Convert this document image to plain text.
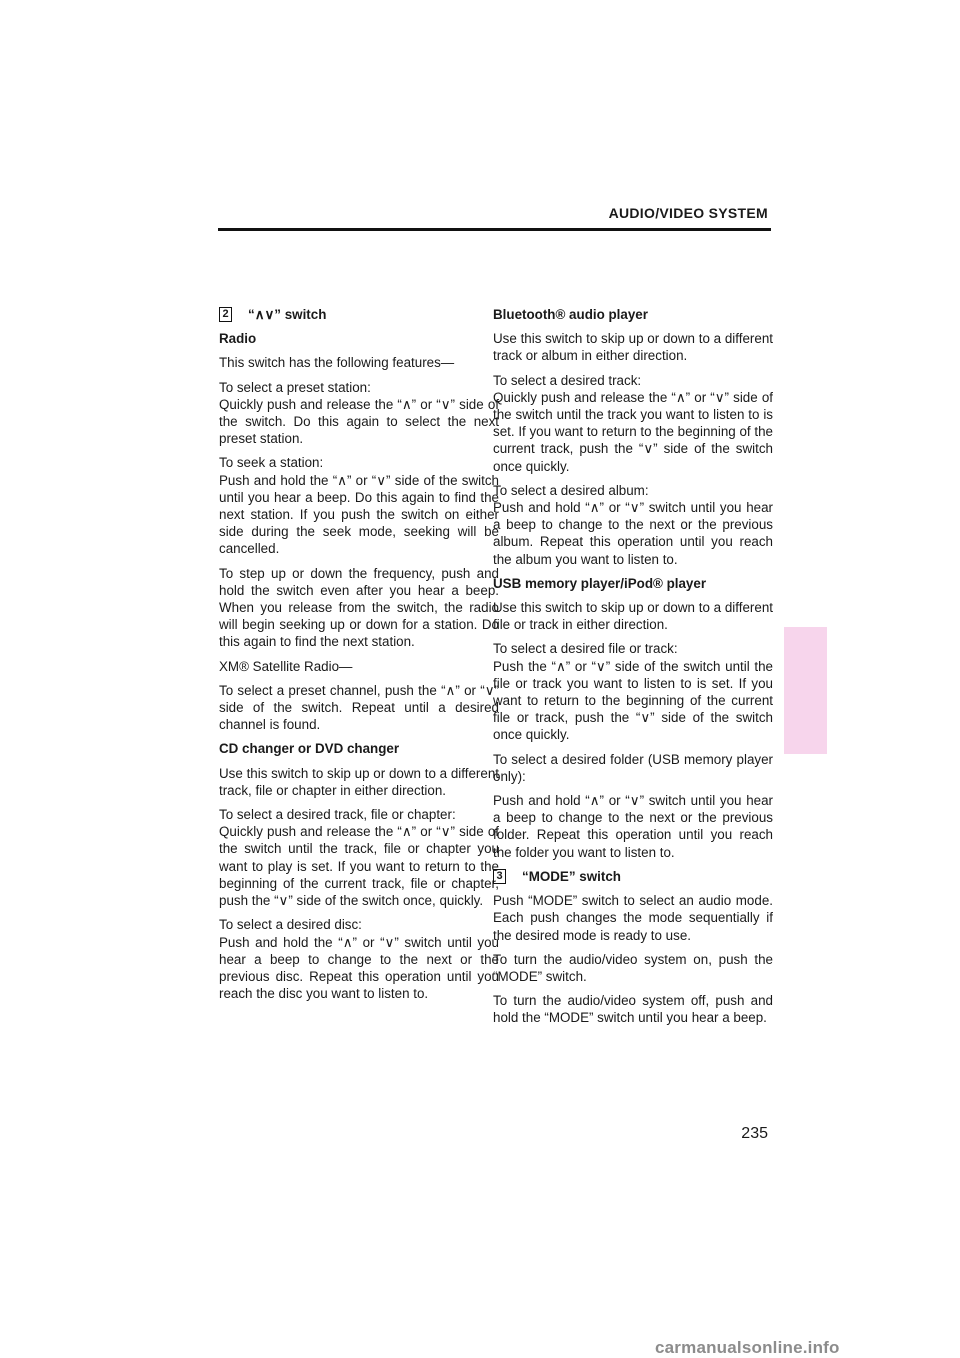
AUDIO/VIDEO SYSTEM
2 “∧∨” switch

Radio

This switch has the following features—

To select a preset station:
Quickly push and release the “∧” or “∨” side of the switch. Do this again to select the next preset station.

To seek a station:
Push and hold the “∧” or “∨” side of the switch until you hear a beep. Do this again to find the next station. If you push the switch on either side during the seek mode, seeking will be cancelled.

To step up or down the frequency, push and hold the switch even after you hear a beep. When you release from the switch, the radio will begin seeking up or down for a station. Do this again to find the next station.

XM® Satellite Radio—

To select a preset channel, push the “∧” or “∨” side of the switch. Repeat until a desired channel is found.

CD changer or DVD changer

Use this switch to skip up or down to a different track, file or chapter in either direction.

To select a desired track, file or chapter:
Quickly push and release the “∧” or “∨” side of the switch until the track, file or chapter you want to play is set. If you want to return to the beginning of the current track, file or chapter, push the “∨” side of the switch once, quickly.

To select a desired disc:
Push and hold the “∧” or “∨” switch until you hear a beep to change to the next or the previous disc. Repeat this operation until you reach the disc you want to listen to.

Bluetooth® audio player

Use this switch to skip up or down to a different track or album in either direction.

To select a desired track:
Quickly push and release the “∧” or “∨” side of the switch until the track you want to listen to is set. If you want to return to the beginning of the current track, push the “∨” side of the switch once quickly.

To select a desired album:
Push and hold “∧” or “∨” switch until you hear a beep to change to the next or the previous album. Repeat this operation until you reach the album you want to listen to.

USB memory player/iPod® player

Use this switch to skip up or down to a different file or track in either direction.

To select a desired file or track:
Push the “∧” or “∨” side of the switch until the file or track you want to listen to is set. If you want to return to the beginning of the current file or track, push the “∨” side of the switch once quickly.

To select a desired folder (USB memory player only):

Push and hold “∧” or “∨” switch until you hear a beep to change to the next or the previous folder. Repeat this operation until you reach the folder you want to listen to.

3 “MODE” switch

Push “MODE” switch to select an audio mode. Each push changes the mode sequentially if the desired mode is ready to use.

To turn the audio/video system on, push the “MODE” switch.

To turn the audio/video system off, push and hold the “MODE” switch until you hear a beep.

235
carmanualsonline.info
